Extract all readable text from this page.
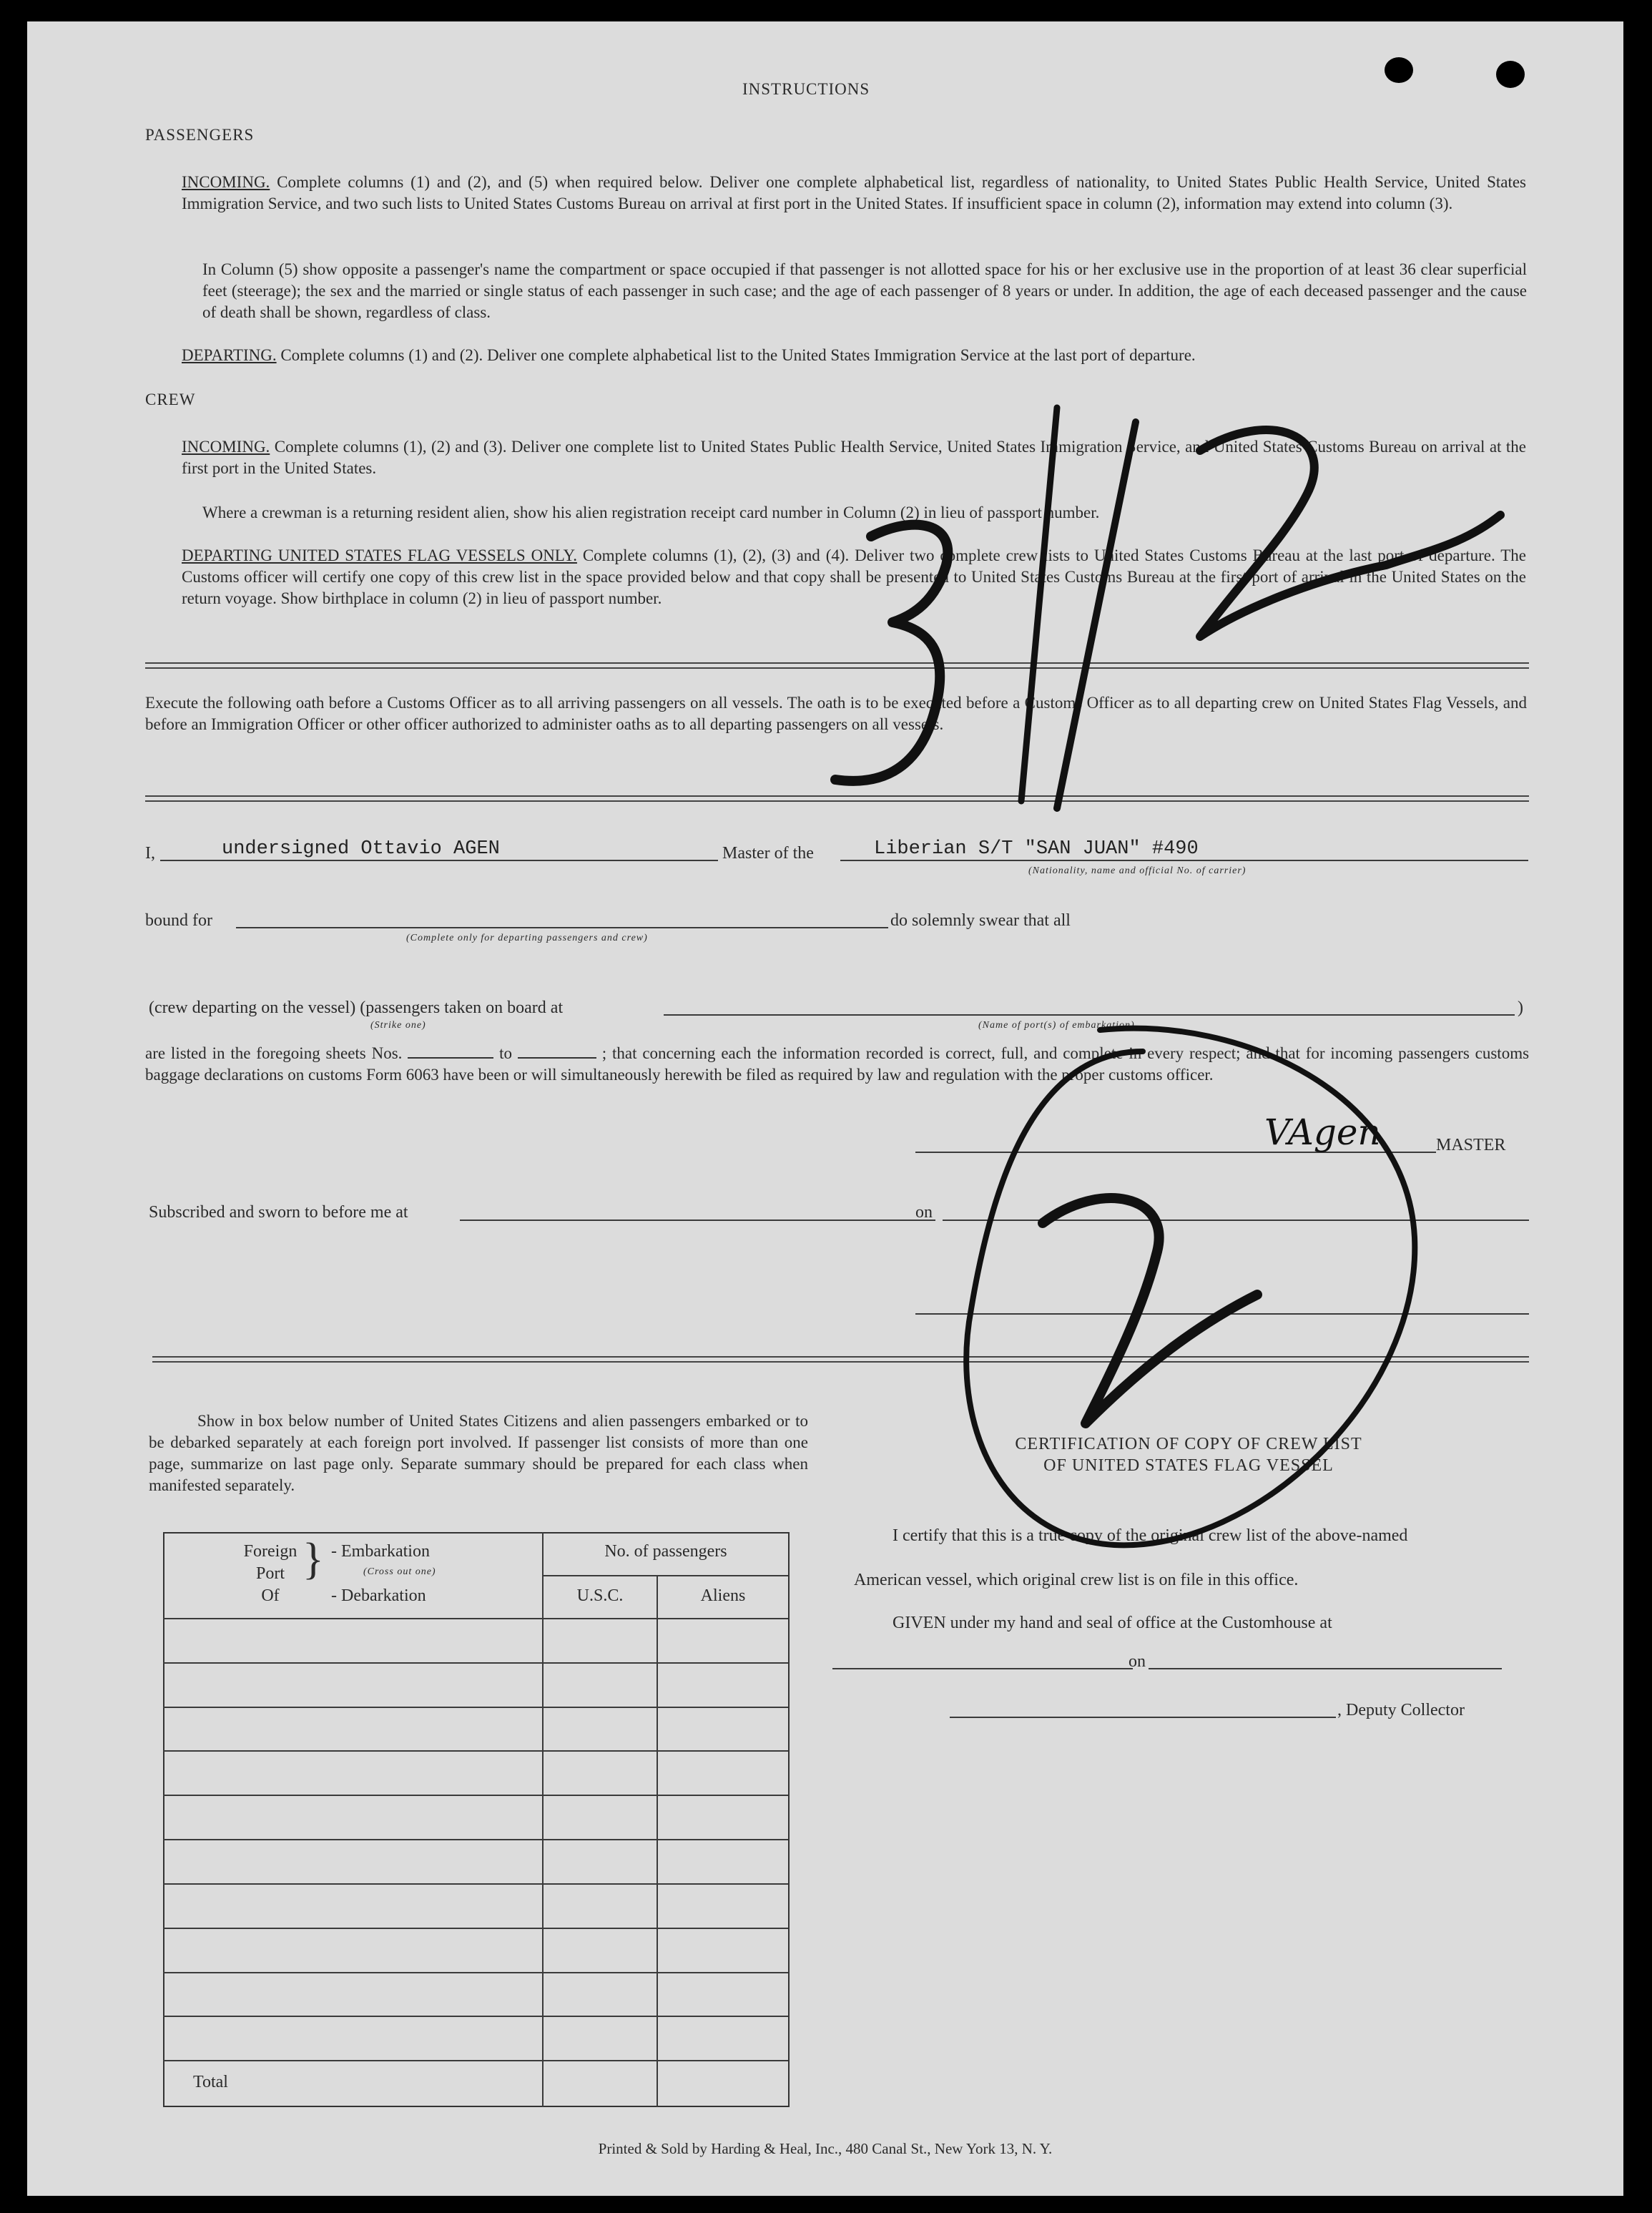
INSTRUCTIONS
PASSENGERS
INCOMING. Complete columns (1) and (2), and (5) when required below. Deliver one complete alphabetical list, regardless of nationality, to United States Public Health Service, United States Immigration Service, and two such lists to United States Customs Bureau on arrival at first port in the United States. If insufficient space in column (2), information may extend into column (3).
In Column (5) show opposite a passenger's name the compartment or space occupied if that passenger is not allotted space for his or her exclusive use in the proportion of at least 36 clear superficial feet (steerage); the sex and the married or single status of each passenger in such case; and the age of each passenger of 8 years or under. In addition, the age of each deceased passenger and the cause of death shall be shown, regardless of class.
DEPARTING. Complete columns (1) and (2). Deliver one complete alphabetical list to the United States Immigration Service at the last port of departure.
CREW
INCOMING. Complete columns (1), (2) and (3). Deliver one complete list to United States Public Health Service, United States Immigration Service, and United States Customs Bureau on arrival at the first port in the United States.
Where a crewman is a returning resident alien, show his alien registration receipt card number in Column (2) in lieu of passport number.
DEPARTING UNITED STATES FLAG VESSELS ONLY. Complete columns (1), (2), (3) and (4). Deliver two complete crew lists to United States Customs Bureau at the last port of departure. The Customs officer will certify one copy of this crew list in the space provided below and that copy shall be presented to United States Customs Bureau at the first port of arrival in the United States on the return voyage. Show birthplace in column (2) in lieu of passport number.
Execute the following oath before a Customs Officer as to all arriving passengers on all vessels. The oath is to be executed before a Customs Officer as to all departing crew on United States Flag Vessels, and before an Immigration Officer or other officer authorized to administer oaths as to all departing passengers on all vessels.
I,	undersigned Ottavio AGEN	Master of the	Liberian S/T "SAN JUAN" #490
(Nationality, name and official No. of carrier)
bound for	do solemnly swear that all
(Complete only for departing passengers and crew)
(crew departing on the vessel) (passengers taken on board at	)
(Strike one)	(Name of port(s) of embarkation)
are listed in the foregoing sheets Nos.	to	; that concerning each the information recorded is correct, full, and complete in every respect; and that for incoming passengers customs baggage declarations on customs Form 6063 have been or will simultaneously herewith be filed as required by law and regulation with the proper customs officer.
MASTER
VAgen
Subscribed and sworn to before me at	on
Show in box below number of United States Citizens and alien passengers embarked or to be debarked separately at each foreign port involved. If passenger list consists of more than one page, summarize on last page only. Separate summary should be prepared for each class when manifested separately.
Foreign
Port
Of
} - Embarkation
(Cross out one)
- Debarkation
No. of passengers
U.S.C.	Aliens
Total
CERTIFICATION OF COPY OF CREW LIST
OF UNITED STATES FLAG VESSEL
I certify that this is a true copy of the original crew list of the above-named
American vessel, which original crew list is on file in this office.
GIVEN under my hand and seal of office at the Customhouse at
on
, Deputy Collector
Printed & Sold by Harding & Heal, Inc., 480 Canal St., New York 13, N. Y.
